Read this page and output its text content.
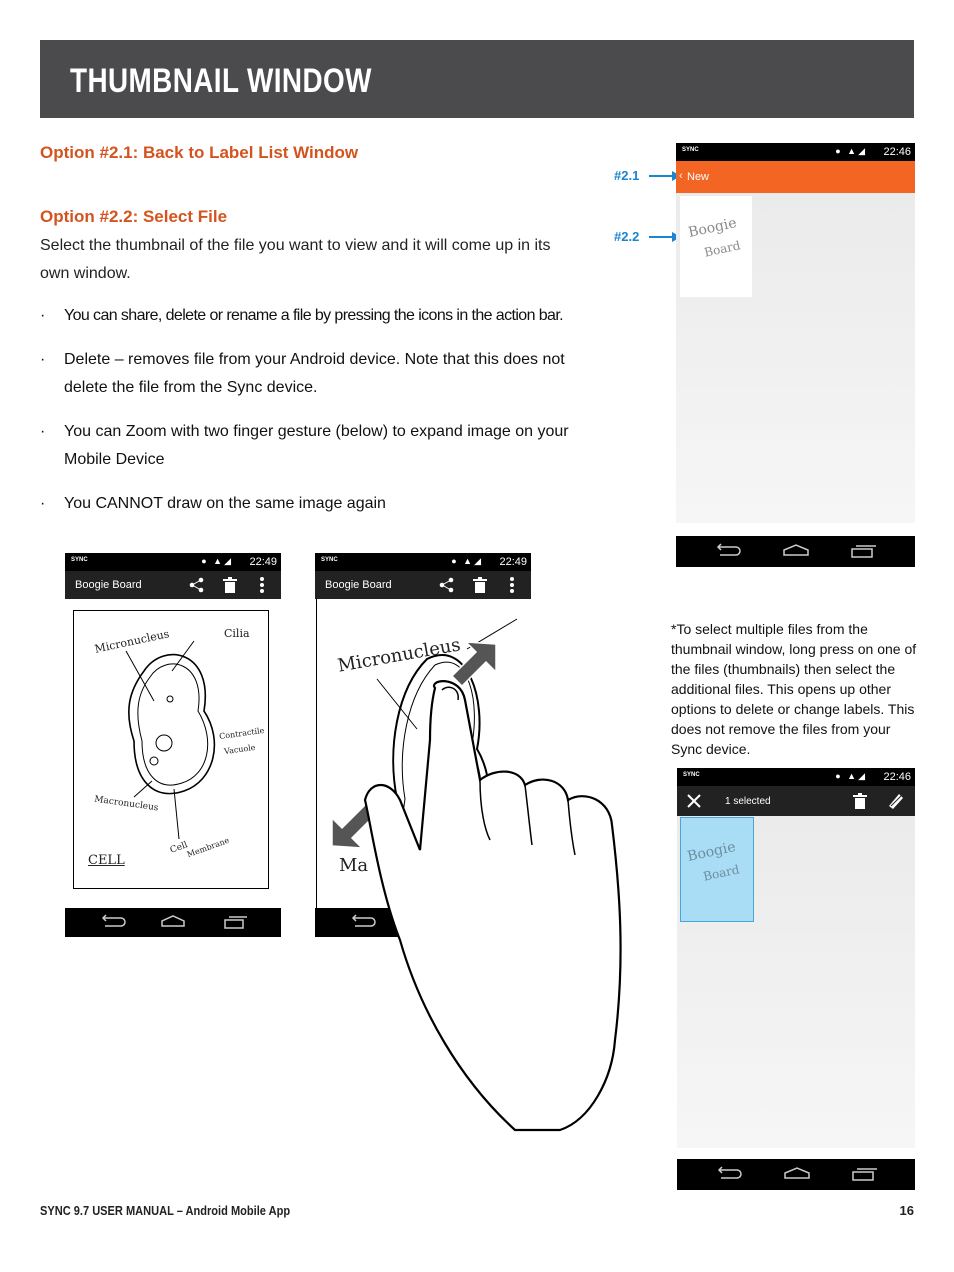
THUMBNAIL WINDOW
Option #2.1: Back to Label List Window
Option #2.2: Select File

Select the thumbnail of the file you want to view and it will come up in its own window.

· You can share, delete or rename a file by pressing the icons in the action bar.
· Delete – removes file from your Android device. Note that this does not delete the file from the Sync device.
· You can Zoom with two finger gesture (below) to expand image on your Mobile Device
· You CANNOT draw on the same image again
#2.1
#2.2
SYNC	● ▲◢ 22:46
‹ New
Boogie
Board
SYNC	● ▲◢ 22:49
Boogie Board
Micronucleus	Cilia
Contractile
Vacuole
Macronucleus
Cell
Membrane
CELL
SYNC	● ▲◢ 22:49
Boogie Board
Micronucleus
Ma

*To select multiple files from the thumbnail window, long press on one of the files (thumbnails) then select the additional files. This opens up other options to delete or change labels. This does not remove the files from your Sync device.

SYNC	● ▲◢ 22:46
1 selected
Boogie
Board
SYNC 9.7 USER MANUAL – Android Mobile App	16
